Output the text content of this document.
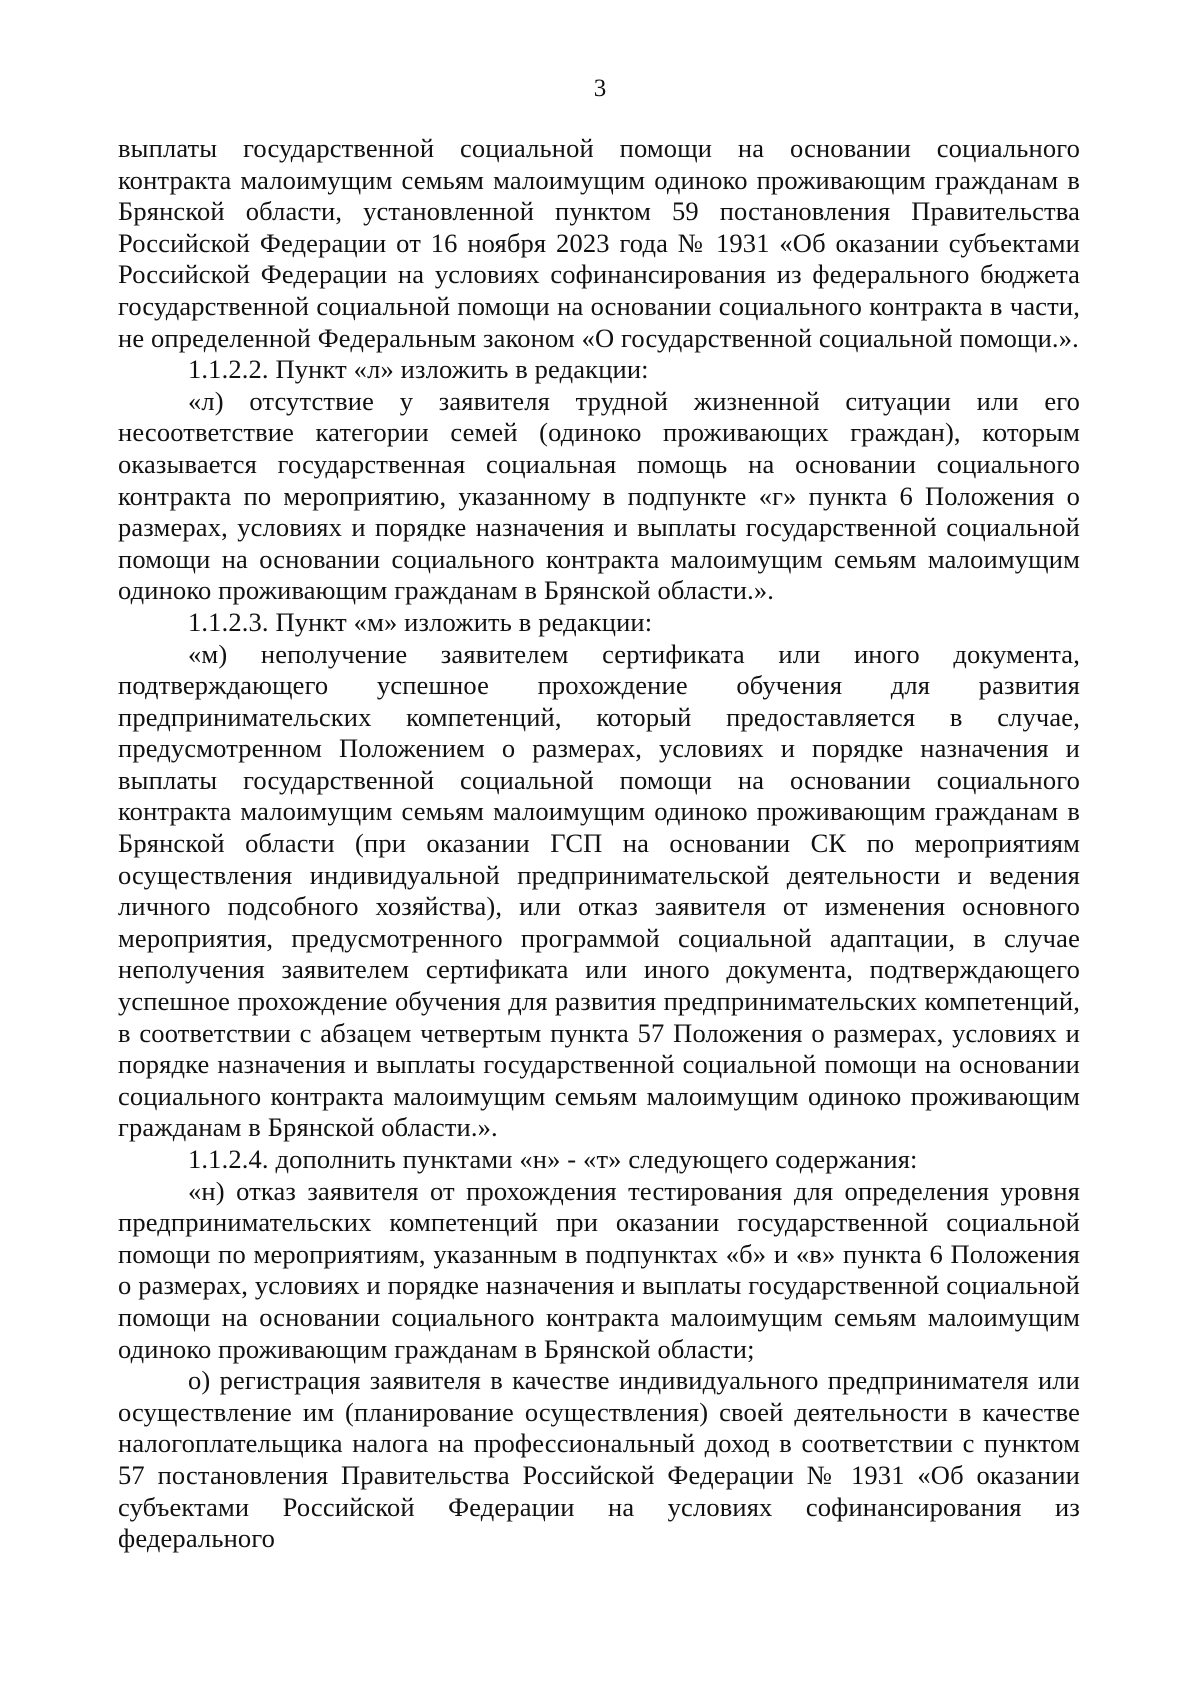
3

выплаты государственной социальной помощи на основании социального контракта малоимущим семьям малоимущим одиноко проживающим гражданам в Брянской области, установленной пунктом 59 постановления Правительства Российской Федерации от 16 ноября 2023 года № 1931 «Об оказании субъектами Российской Федерации на условиях софинансирования из федерального бюджета государственной социальной помощи на основании социального контракта в части, не определенной Федеральным законом «О государственной социальной помощи.».

1.1.2.2. Пункт «л» изложить в редакции:

«л) отсутствие у заявителя трудной жизненной ситуации или его несоответствие категории семей (одиноко проживающих граждан), которым оказывается государственная социальная помощь на основании социального контракта по мероприятию, указанному в подпункте «г» пункта 6 Положения о размерах, условиях и порядке назначения и выплаты государственной социальной помощи на основании социального контракта малоимущим семьям малоимущим одиноко проживающим гражданам в Брянской области.».

1.1.2.3. Пункт «м» изложить в редакции:

«м) неполучение заявителем сертификата или иного документа, подтверждающего успешное прохождение обучения для развития предпринимательских компетенций, который предоставляется в случае, предусмотренном Положением о размерах, условиях и порядке назначения и выплаты государственной социальной помощи на основании социального контракта малоимущим семьям малоимущим одиноко проживающим гражданам в Брянской области (при оказании ГСП на основании СК по мероприятиям осуществления индивидуальной предпринимательской деятельности и ведения личного подсобного хозяйства), или отказ заявителя от изменения основного мероприятия, предусмотренного программой социальной адаптации, в случае неполучения заявителем сертификата или иного документа, подтверждающего успешное прохождение обучения для развития предпринимательских компетенций, в соответствии с абзацем четвертым пункта 57 Положения о размерах, условиях и порядке назначения и выплаты государственной социальной помощи на основании социального контракта малоимущим семьям малоимущим одиноко проживающим гражданам в Брянской области.».

1.1.2.4. дополнить пунктами «н» - «т» следующего содержания:

«н) отказ заявителя от прохождения тестирования для определения уровня предпринимательских компетенций при оказании государственной социальной помощи по мероприятиям, указанным в подпунктах «б» и «в» пункта 6 Положения о размерах, условиях и порядке назначения и выплаты государственной социальной помощи на основании социального контракта малоимущим семьям малоимущим одиноко проживающим гражданам в Брянской области;

о) регистрация заявителя в качестве индивидуального предпринимателя или осуществление им (планирование осуществления) своей деятельности в качестве налогоплательщика налога на профессиональный доход в соответствии с пунктом 57 постановления Правительства Российской Федерации № 1931 «Об оказании субъектами Российской Федерации на условиях софинансирования из федерального
